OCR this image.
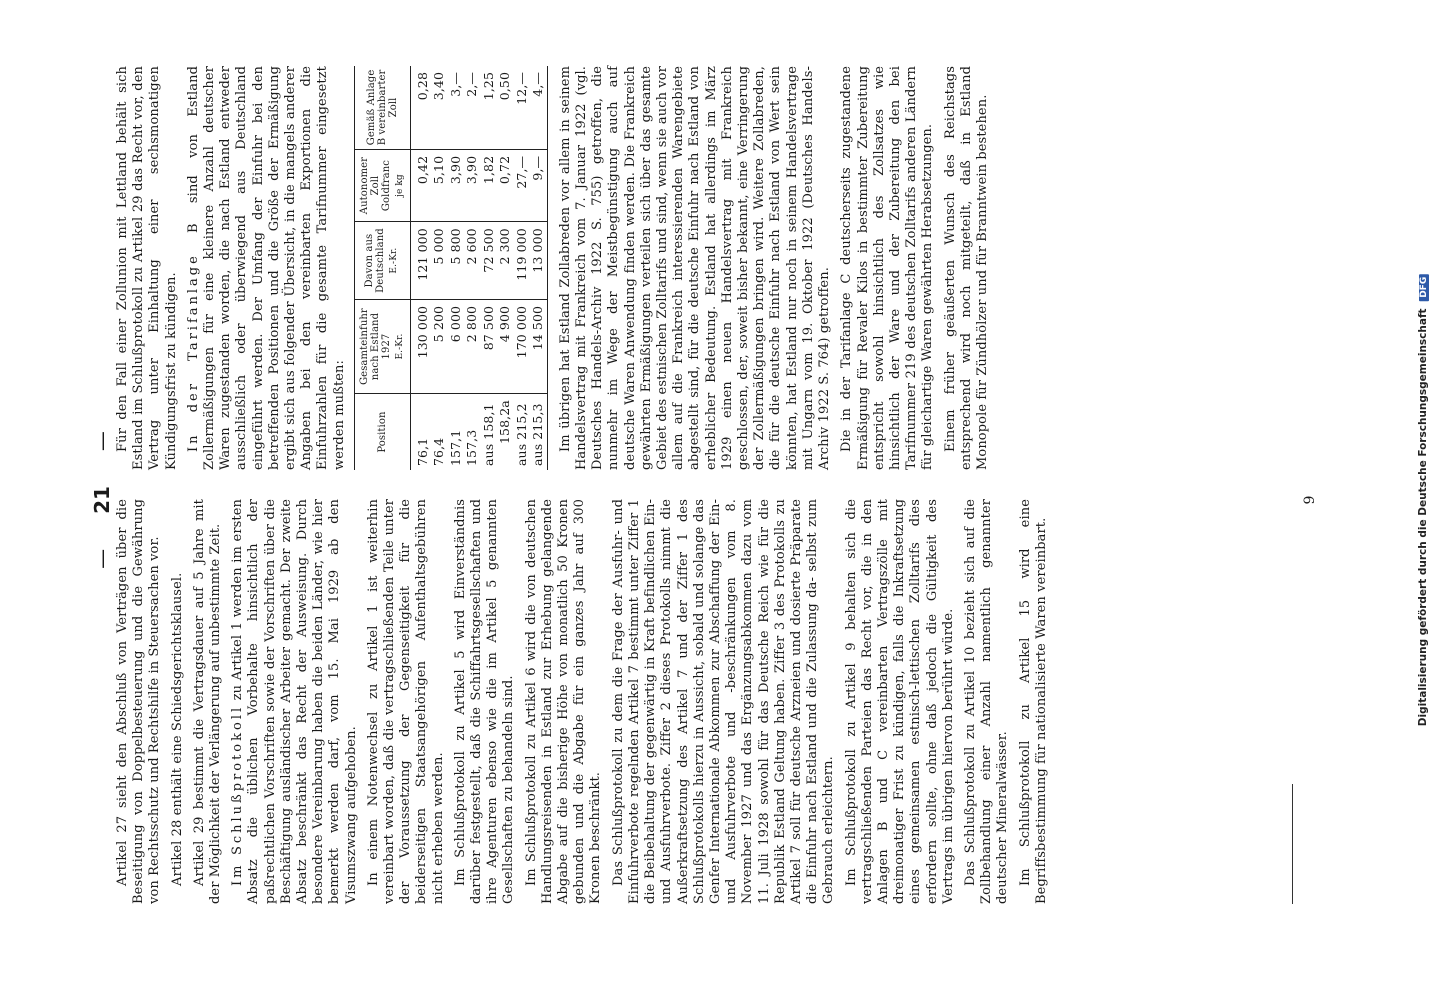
— 21 —

Artikel 27 sieht den Abschluß von Verträgen über die Beseitigung von Doppelbesteuerung und die Gewährung von Rechtsschutz und Rechtshilfe in Steuersachen vor. Artikel 28 enthält eine Schiedsgerichtsklausel. Artikel 29 bestimmt die Vertragsdauer auf 5 Jahre mit der Möglichkeit der Verlängerung auf unbestimmte Zeit. Im Schlußprotokoll zu Artikel 1 werden im ersten Absatz die üblichen Vorbehalte hinsichtlich der paßrechtlichen Vorschriften sowie der Vorschriften über die Beschäftigung ausländischer Arbeiter gemacht. Der zweite Absatz beschränkt das Recht der Ausweisung. Durch besondere Vereinbarung haben die beiden Länder, wie hier bemerkt werden darf, vom 15. Mai 1929 ab den Visumszwang aufgehoben. In einem Notenwechsel zu Artikel 1 ist weiterhin vereinbart worden, daß die vertragschließenden Teile unter der Voraussetzung der Gegenseitigkeit für die beiderseitigen Staatsangehörigen Aufenthaltsgebühren nicht erheben werden. Im Schlußprotokoll zu Artikel 5 wird Einverständnis darüber festgestellt, daß die Schiffahrtsgesellschaften und ihre Agenturen ebenso wie die im Artikel 5 genannten Gesellschaften zu behandeln sind. Im Schlußprotokoll zu Artikel 6 wird die von deutschen Handlungsreisenden in Estland zur Erhebung gelangende Abgabe auf die bisherige Höhe von monatlich 50 Kronen gebunden und die Abgabe für ein ganzes Jahr auf 300 Kronen beschränkt. Das Schlußprotokoll zu dem die Frage der Ausfuhr- und Einfuhrverbote regelnden Artikel 7 bestimmt unter Ziffer 1 die Beibehaltung der gegenwärtig in Kraft befindlichen Ein- und Ausfuhrverbote. Ziffer 2 dieses Protokolls nimmt die Außerkraftsetzung des Artikel 7 und der Ziffer 1 des Schlußprotokolls hierzu in Aussicht, sobald und solange das Genfer Internationale Abkommen zur Abschaffung der Ein- und Ausfuhrverbote und -beschränkungen vom 8. November 1927 und das Ergänzungsabkommen dazu vom 11. Juli 1928 sowohl für das Deutsche Reich wie für die Republik Estland Geltung haben. Ziffer 3 des Protokolls zu Artikel 7 soll für deutsche Arzneien und dosierte Präparate die Einfuhr nach Estland und die Zulassung da- selbst zum Gebrauch erleichtern. Im Schlußprotokoll zu Artikel 9 behalten sich die vertragschließenden Parteien das Recht vor, die in den Anlagen B und C vereinbarten Vertragszölle mit dreimonatiger Frist zu kündigen, falls die Inkraftsetzung eines gemeinsamen estnisch-lettischen Zolltarifs dies erfordern sollte, ohne daß jedoch die Gültigkeit des Vertrags im übrigen hiervon berührt würde. Das Schlußprotokoll zu Artikel 10 bezieht sich auf die Zollbehandlung einer Anzahl namentlich genannter deutscher Mineralwässer. Im Schlußprotokoll zu Artikel 15 wird eine Begriffsbestimmung für nationalisierte Waren vereinbart.

Für den Fall einer Zollunion mit Lettland behält sich Estland im Schlußprotokoll zu Artikel 29 das Recht vor, den Vertrag unter Einhaltung einer sechsmonatigen Kündigungsfrist zu kündigen. In der Tarifanlage B sind von Estland Zollermäßigungen für eine kleinere Anzahl deutscher Waren zugestanden worden, die nach Estland entweder ausschließlich oder überwiegend aus Deutschland eingeführt werden. Der Umfang der Einfuhr bei den betreffenden Positionen und die Größe der Ermäßigung ergibt sich aus folgender Übersicht, in die mangels anderer Angaben bei den vereinbarten Exportionen die Einfuhrzahlen für die gesamte Tarifnummer eingesetzt werden mußten:	Position	Gesamteinfuhr nach Estland 1927 E.-Kr.	Davon aus Deutschland E.-Kr.	Autonomer Zoll Goldfranc je kg	Gemäß Anlage B vereinbarter Zoll
76,1	130 000	121 000	0,42	0,28
76,4	5 200	5 000	5,10	3,40
157,1	6 000	5 800	3,90	3,—
157,3	2 800	2 600	3,90	2,—
aus 158,1	87 500	72 500	1,82	1,25
158,2a	4 900	2 300	0,72	0,50
aus 215,2	170 000	119 000	27,—	12,—
aus 215,3	14 500	13 000	9,—	4,— Im übrigen hat Estland Zollabreden vor allem in seinem Handelsvertrag mit Frankreich vom 7. Januar 1922 (vgl. Deutsches Handels-Archiv 1922 S. 755) getroffen, die nunmehr im Wege der Meistbegünstigung auch auf deutsche Waren Anwendung finden werden. Die Frankreich gewährten Ermäßigungen verteilen sich über das gesamte Gebiet des estnischen Zolltarifs und sind, wenn sie auch vor allem auf die Frankreich interessierenden Warengebiete abgestellt sind, für die deutsche Einfuhr nach Estland von erheblicher Bedeutung. Estland hat allerdings im März 1929 einen neuen Handelsvertrag mit Frankreich geschlossen, der, soweit bisher bekannt, eine Verringerung der Zollermäßigungen bringen wird. Weitere Zollabreden, die für die deutsche Einfuhr nach Estland von Wert sein könnten, hat Estland nur noch in seinem Handelsvertrage mit Ungarn vom 19. Oktober 1922 (Deutsches Handels-Archiv 1922 S. 764) getroffen. Die in der Tarifanlage C deutscherseits zugestandene Ermäßigung für Revaler Kilos in bestimmter Zubereitung entspricht sowohl hinsichtlich des Zollsatzes wie hinsichtlich der Ware und der Zubereitung den bei Tarifnummer 219 des deutschen Zolltarifs anderen Ländern für gleichartige Waren gewährten Herabsetzungen. Einem früher geäußerten Wunsch des Reichstags entsprechend wird noch mitgeteilt, daß in Estland Monopole für Zündhölzer und für Branntwein bestehen.

9	Digitalisierung gefördert durch die Deutsche Forschungsgemeinschaft DFG
